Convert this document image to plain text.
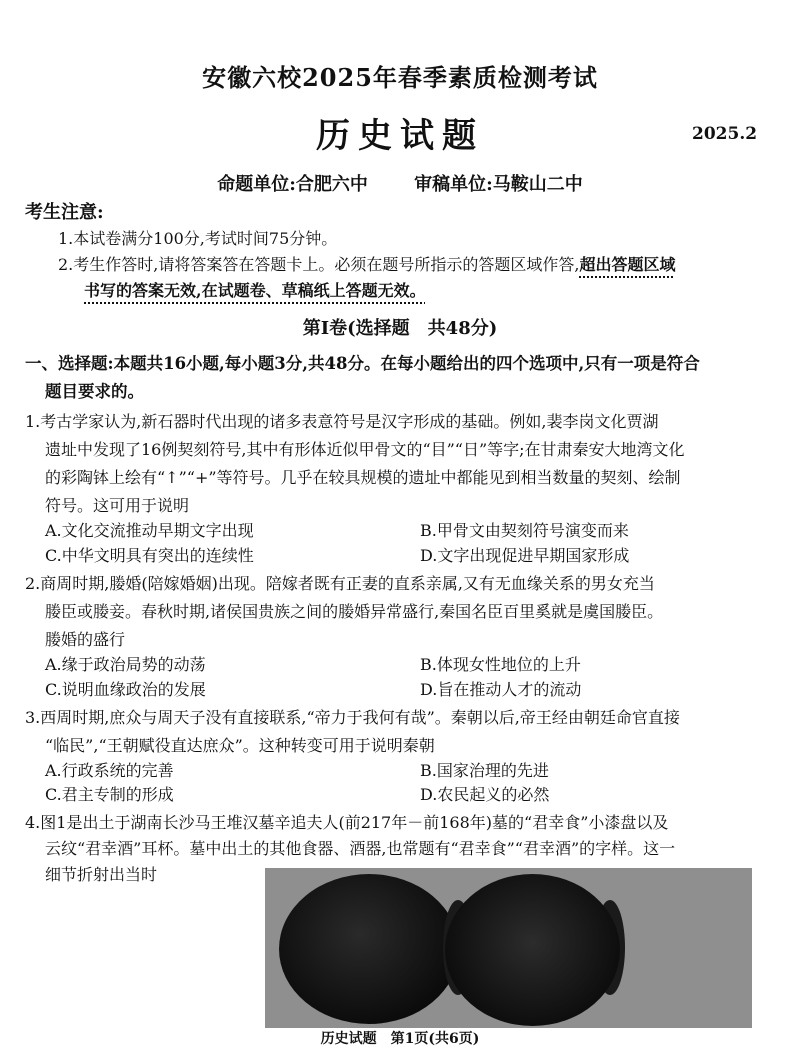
安徽六校2025年春季素质检测考试
历史试题	2025.2
命题单位:合肥六中	审稿单位:马鞍山二中
考生注意:
1.本试卷满分100分,考试时间75分钟。
2.考生作答时,请将答案答在答题卡上。必须在题号所指示的答题区域作答,超出答题区域
书写的答案无效,在试题卷、草稿纸上答题无效。
第Ⅰ卷(选择题　共48分)
一、选择题:本题共16小题,每小题3分,共48分。在每小题给出的四个选项中,只有一项是符合
题目要求的。
1.考古学家认为,新石器时代出现的诸多表意符号是汉字形成的基础。例如,裴李岗文化贾湖
遗址中发现了16例契刻符号,其中有形体近似甲骨文的“目”“日”等字;在甘肃秦安大地湾文化
的彩陶钵上绘有“↑”“+”等符号。几乎在较具规模的遗址中都能见到相当数量的契刻、绘制
符号。这可用于说明
A.文化交流推动早期文字出现	B.甲骨文由契刻符号演变而来
C.中华文明具有突出的连续性	D.文字出现促进早期国家形成
2.商周时期,媵婚(陪嫁婚姻)出现。陪嫁者既有正妻的直系亲属,又有无血缘关系的男女充当
媵臣或媵妾。春秋时期,诸侯国贵族之间的媵婚异常盛行,秦国名臣百里奚就是虞国媵臣。
媵婚的盛行
A.缘于政治局势的动荡	B.体现女性地位的上升
C.说明血缘政治的发展	D.旨在推动人才的流动
3.西周时期,庶众与周天子没有直接联系,“帝力于我何有哉”。秦朝以后,帝王经由朝廷命官直接
“临民”,“王朝赋役直达庶众”。这种转变可用于说明秦朝
A.行政系统的完善	B.国家治理的先进
C.君主专制的形成	D.农民起义的必然
4.图1是出土于湖南长沙马王堆汉墓辛追夫人(前217年－前168年)墓的“君幸食”小漆盘以及
云纹“君幸酒”耳杯。墓中出土的其他食器、酒器,也常题有“君幸食”“君幸酒”的字样。这一
细节折射出当时
历史试题　第1页(共6页)
